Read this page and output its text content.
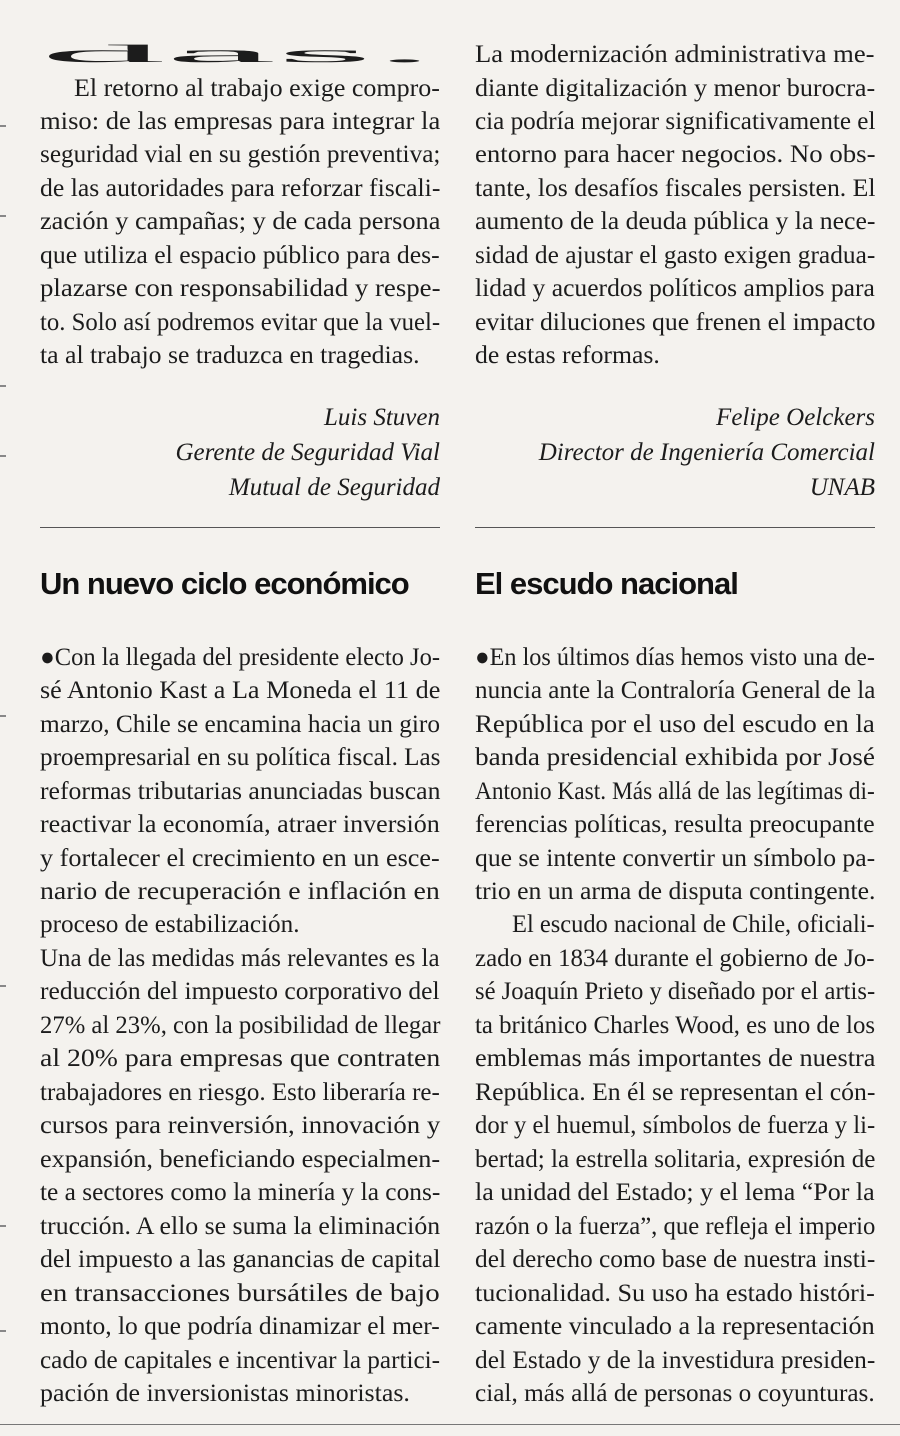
das.
El retorno al trabajo exige compro-
miso: de las empresas para integrar la
seguridad vial en su gestión preventiva;
de las autoridades para reforzar fiscali-
zación y campañas; y de cada persona
que utiliza el espacio público para des-
plazarse con responsabilidad y respe-
to. Solo así podremos evitar que la vuel-
ta al trabajo se traduzca en tragedias.
Luis Stuven
Gerente de Seguridad Vial
Mutual de Seguridad
La modernización administrativa me-
diante digitalización y menor burocra-
cia podría mejorar significativamente el
entorno para hacer negocios. No obs-
tante, los desafíos fiscales persisten. El
aumento de la deuda pública y la nece-
sidad de ajustar el gasto exigen gradua-
lidad y acuerdos políticos amplios para
evitar diluciones que frenen el impacto
de estas reformas.
Felipe Oelckers
Director de Ingeniería Comercial
UNAB
Un nuevo ciclo económico
●Con la llegada del presidente electo Jo-
sé Antonio Kast a La Moneda el 11 de
marzo, Chile se encamina hacia un giro
proempresarial en su política fiscal. Las
reformas tributarias anunciadas buscan
reactivar la economía, atraer inversión
y fortalecer el crecimiento en un esce-
nario de recuperación e inflación en
proceso de estabilización.
Una de las medidas más relevantes es la
reducción del impuesto corporativo del
27% al 23%, con la posibilidad de llegar
al 20% para empresas que contraten
trabajadores en riesgo. Esto liberaría re-
cursos para reinversión, innovación y
expansión, beneficiando especialmen-
te a sectores como la minería y la cons-
trucción. A ello se suma la eliminación
del impuesto a las ganancias de capital
en transacciones bursátiles de bajo
monto, lo que podría dinamizar el mer-
cado de capitales e incentivar la partici-
pación de inversionistas minoristas.
El escudo nacional
●En los últimos días hemos visto una de-
nuncia ante la Contraloría General de la
República por el uso del escudo en la
banda presidencial exhibida por José
Antonio Kast. Más allá de las legítimas di-
ferencias políticas, resulta preocupante
que se intente convertir un símbolo pa-
trio en un arma de disputa contingente.
El escudo nacional de Chile, oficiali-
zado en 1834 durante el gobierno de Jo-
sé Joaquín Prieto y diseñado por el artis-
ta británico Charles Wood, es uno de los
emblemas más importantes de nuestra
República. En él se representan el cón-
dor y el huemul, símbolos de fuerza y li-
bertad; la estrella solitaria, expresión de
la unidad del Estado; y el lema “Por la
razón o la fuerza”, que refleja el imperio
del derecho como base de nuestra insti-
tucionalidad. Su uso ha estado históri-
camente vinculado a la representación
del Estado y de la investidura presiden-
cial, más allá de personas o coyunturas.
